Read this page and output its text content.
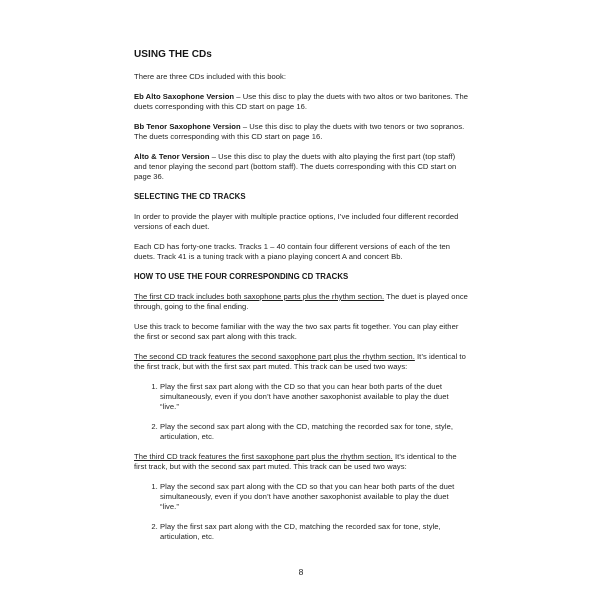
USING THE CDs

There are three CDs included with this book:

Eb Alto Saxophone Version – Use this disc to play the duets with two altos or two baritones. The duets corresponding with this CD start on page 16.

Bb Tenor Saxophone Version – Use this disc to play the duets with two tenors or two sopranos. The duets corresponding with this CD start on page 16.

Alto & Tenor Version – Use this disc to play the duets with alto playing the first part (top staff) and tenor playing the second part (bottom staff). The duets corresponding with this CD start on page 36.

SELECTING THE CD TRACKS

In order to provide the player with multiple practice options, I’ve included four different recorded versions of each duet.

Each CD has forty-one tracks. Tracks 1 – 40 contain four different versions of each of the ten duets. Track 41 is a tuning track with a piano playing concert A and concert Bb.

HOW TO USE THE FOUR CORRESPONDING CD TRACKS

The first CD track includes both saxophone parts plus the rhythm section. The duet is played once through, going to the final ending.

Use this track to become familiar with the way the two sax parts fit together. You can play either the first or second sax part along with this track.

The second CD track features the second saxophone part plus the rhythm section. It’s identical to the first track, but with the first sax part muted. This track can be used two ways:

1. Play the first sax part along with the CD so that you can hear both parts of the duet simultaneously, even if you don’t have another saxophonist available to play the duet “live.”
2. Play the second sax part along with the CD, matching the recorded sax for tone, style, articulation, etc.

The third CD track features the first saxophone part plus the rhythm section. It’s identical to the first track, but with the second sax part muted. This track can be used two ways:

1. Play the second sax part along with the CD so that you can hear both parts of the duet simultaneously, even if you don’t have another saxophonist available to play the duet “live.”
2. Play the first sax part along with the CD, matching the recorded sax for tone, style, articulation, etc.
8
